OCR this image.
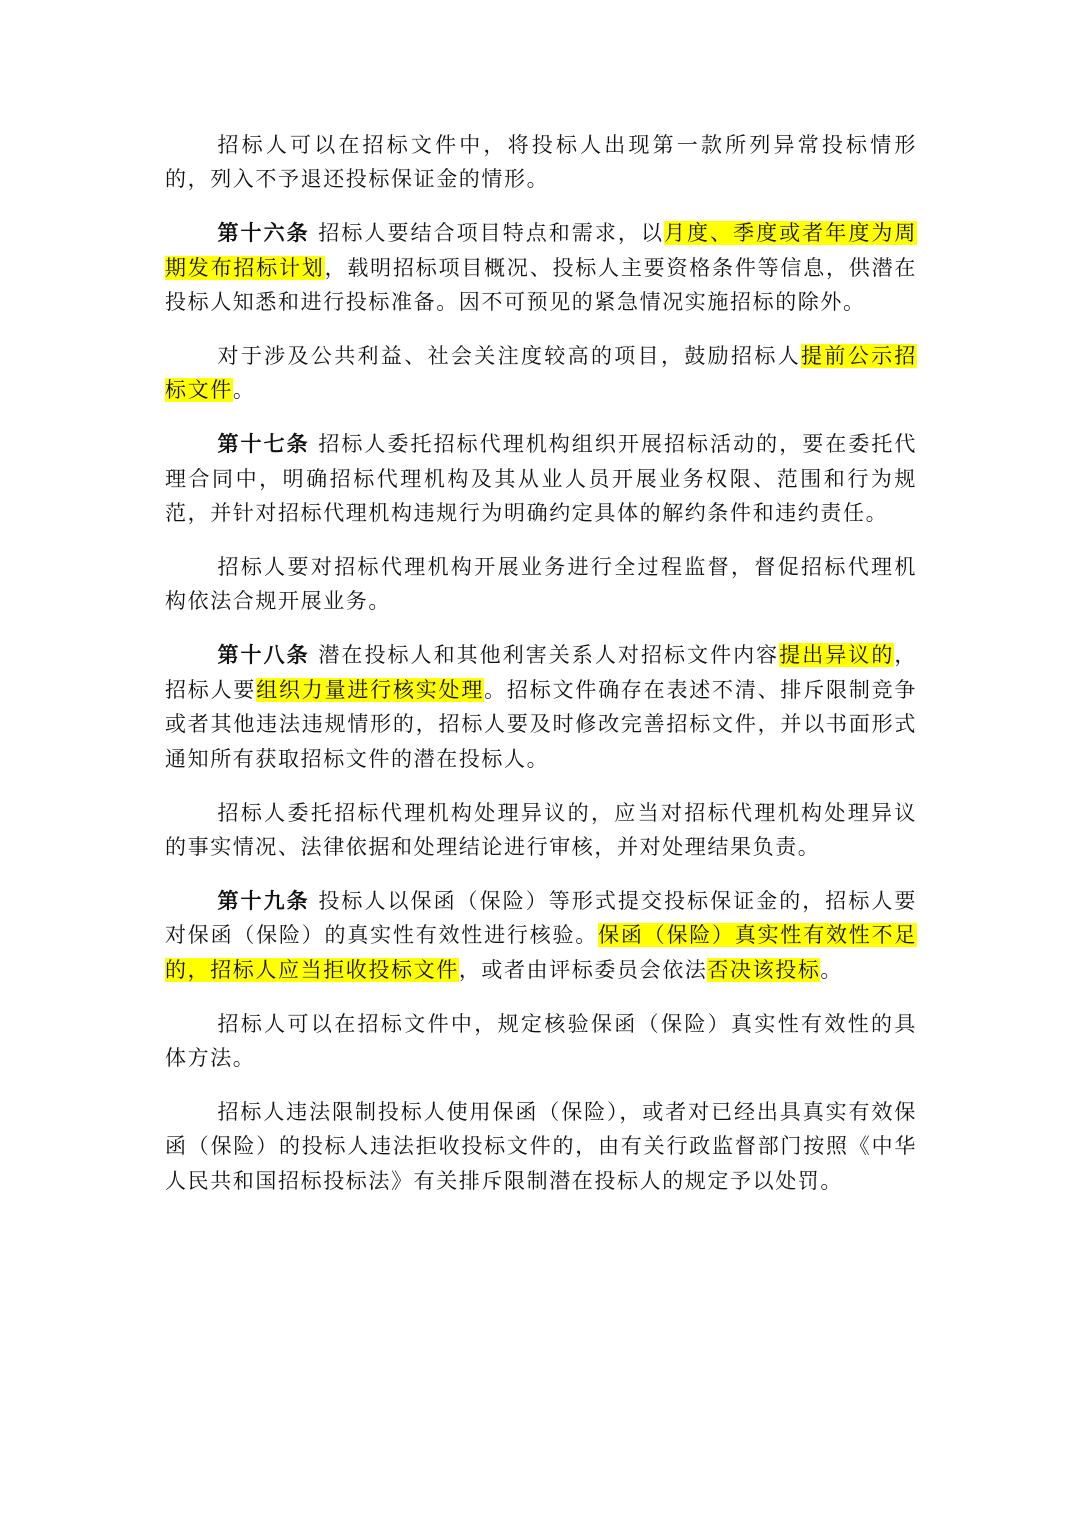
招标人可以在招标文件中，将投标人出现第一款所列异常投标情形的，列入不予退还投标保证金的情形。

第十六条 招标人要结合项目特点和需求，以月度、季度或者年度为周期发布招标计划，载明招标项目概况、投标人主要资格条件等信息，供潜在投标人知悉和进行投标准备。因不可预见的紧急情况实施招标的除外。

对于涉及公共利益、社会关注度较高的项目，鼓励招标人提前公示招标文件。

第十七条 招标人委托招标代理机构组织开展招标活动的，要在委托代理合同中，明确招标代理机构及其从业人员开展业务权限、范围和行为规范，并针对招标代理机构违规行为明确约定具体的解约条件和违约责任。

招标人要对招标代理机构开展业务进行全过程监督，督促招标代理机构依法合规开展业务。

第十八条 潜在投标人和其他利害关系人对招标文件内容提出异议的，招标人要组织力量进行核实处理。招标文件确存在表述不清、排斥限制竞争或者其他违法违规情形的，招标人要及时修改完善招标文件，并以书面形式通知所有获取招标文件的潜在投标人。

招标人委托招标代理机构处理异议的，应当对招标代理机构处理异议的事实情况、法律依据和处理结论进行审核，并对处理结果负责。

第十九条 投标人以保函（保险）等形式提交投标保证金的，招标人要对保函（保险）的真实性有效性进行核验。保函（保险）真实性有效性不足的，招标人应当拒收投标文件，或者由评标委员会依法否决该投标。

招标人可以在招标文件中，规定核验保函（保险）真实性有效性的具体方法。

招标人违法限制投标人使用保函（保险），或者对已经出具真实有效保函（保险）的投标人违法拒收投标文件的，由有关行政监督部门按照《中华人民共和国招标投标法》有关排斥限制潜在投标人的规定予以处罚。
